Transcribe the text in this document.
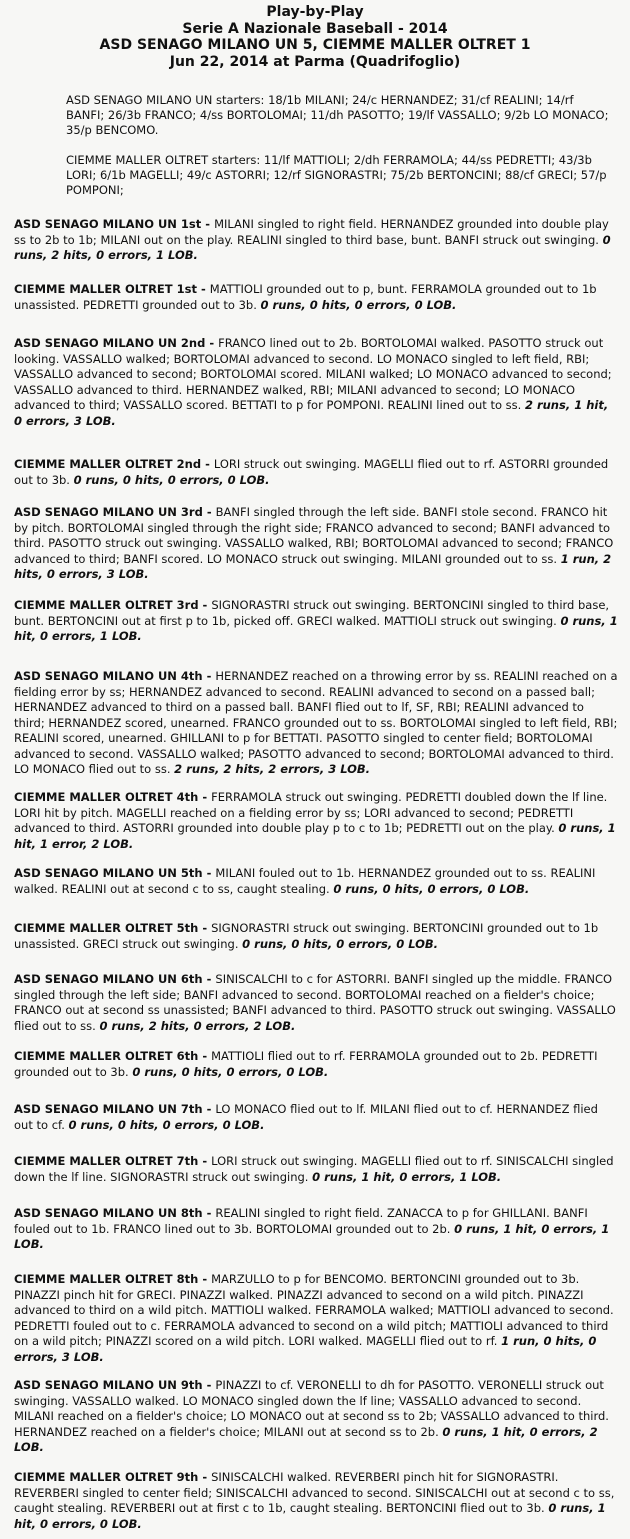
Play-by-Play
Serie A Nazionale Baseball - 2014
ASD SENAGO MILANO UN 5, CIEMME MALLER OLTRET 1
Jun 22, 2014 at Parma (Quadrifoglio)

ASD SENAGO MILANO UN starters: 18/1b MILANI; 24/c HERNANDEZ; 31/cf REALINI; 14/rf BANFI; 26/3b FRANCO; 4/ss BORTOLOMAI; 11/dh PASOTTO; 19/lf VASSALLO; 9/2b LO MONACO; 35/p BENCOMO.

CIEMME MALLER OLTRET starters: 11/lf MATTIOLI; 2/dh FERRAMOLA; 44/ss PEDRETTI; 43/3b LORI; 6/1b MAGELLI; 49/c ASTORRI; 12/rf SIGNORASTRI; 75/2b BERTONCINI; 88/cf GRECI; 57/p POMPONI;

ASD SENAGO MILANO UN 1st - MILANI singled to right field. HERNANDEZ grounded into double play ss to 2b to 1b; MILANI out on the play. REALINI singled to third base, bunt. BANFI struck out swinging. 0 runs, 2 hits, 0 errors, 1 LOB.
CIEMME MALLER OLTRET 1st - MATTIOLI grounded out to p, bunt. FERRAMOLA grounded out to 1b unassisted. PEDRETTI grounded out to 3b. 0 runs, 0 hits, 0 errors, 0 LOB.
ASD SENAGO MILANO UN 2nd - FRANCO lined out to 2b. BORTOLOMAI walked. PASOTTO struck out looking. VASSALLO walked; BORTOLOMAI advanced to second. LO MONACO singled to left field, RBI; VASSALLO advanced to second; BORTOLOMAI scored. MILANI walked; LO MONACO advanced to second; VASSALLO advanced to third. HERNANDEZ walked, RBI; MILANI advanced to second; LO MONACO advanced to third; VASSALLO scored. BETTATI to p for POMPONI. REALINI lined out to ss. 2 runs, 1 hit, 0 errors, 3 LOB.
CIEMME MALLER OLTRET 2nd - LORI struck out swinging. MAGELLI flied out to rf. ASTORRI grounded out to 3b. 0 runs, 0 hits, 0 errors, 0 LOB.
ASD SENAGO MILANO UN 3rd - BANFI singled through the left side. BANFI stole second. FRANCO hit by pitch. BORTOLOMAI singled through the right side; FRANCO advanced to second; BANFI advanced to third. PASOTTO struck out swinging. VASSALLO walked, RBI; BORTOLOMAI advanced to second; FRANCO advanced to third; BANFI scored. LO MONACO struck out swinging. MILANI grounded out to ss. 1 run, 2 hits, 0 errors, 3 LOB.
CIEMME MALLER OLTRET 3rd - SIGNORASTRI struck out swinging. BERTONCINI singled to third base, bunt. BERTONCINI out at first p to 1b, picked off. GRECI walked. MATTIOLI struck out swinging. 0 runs, 1 hit, 0 errors, 1 LOB.
ASD SENAGO MILANO UN 4th - HERNANDEZ reached on a throwing error by ss. REALINI reached on a fielding error by ss; HERNANDEZ advanced to second. REALINI advanced to second on a passed ball; HERNANDEZ advanced to third on a passed ball. BANFI flied out to lf, SF, RBI; REALINI advanced to third; HERNANDEZ scored, unearned. FRANCO grounded out to ss. BORTOLOMAI singled to left field, RBI; REALINI scored, unearned. GHILLANI to p for BETTATI. PASOTTO singled to center field; BORTOLOMAI advanced to second. VASSALLO walked; PASOTTO advanced to second; BORTOLOMAI advanced to third. LO MONACO flied out to ss. 2 runs, 2 hits, 2 errors, 3 LOB.
CIEMME MALLER OLTRET 4th - FERRAMOLA struck out swinging. PEDRETTI doubled down the lf line. LORI hit by pitch. MAGELLI reached on a fielding error by ss; LORI advanced to second; PEDRETTI advanced to third. ASTORRI grounded into double play p to c to 1b; PEDRETTI out on the play. 0 runs, 1 hit, 1 error, 2 LOB.
ASD SENAGO MILANO UN 5th - MILANI fouled out to 1b. HERNANDEZ grounded out to ss. REALINI walked. REALINI out at second c to ss, caught stealing. 0 runs, 0 hits, 0 errors, 0 LOB.
CIEMME MALLER OLTRET 5th - SIGNORASTRI struck out swinging. BERTONCINI grounded out to 1b unassisted. GRECI struck out swinging. 0 runs, 0 hits, 0 errors, 0 LOB.
ASD SENAGO MILANO UN 6th - SINISCALCHI to c for ASTORRI. BANFI singled up the middle. FRANCO singled through the left side; BANFI advanced to second. BORTOLOMAI reached on a fielder's choice; FRANCO out at second ss unassisted; BANFI advanced to third. PASOTTO struck out swinging. VASSALLO flied out to ss. 0 runs, 2 hits, 0 errors, 2 LOB.
CIEMME MALLER OLTRET 6th - MATTIOLI flied out to rf. FERRAMOLA grounded out to 2b. PEDRETTI grounded out to 3b. 0 runs, 0 hits, 0 errors, 0 LOB.
ASD SENAGO MILANO UN 7th - LO MONACO flied out to lf. MILANI flied out to cf. HERNANDEZ flied out to cf. 0 runs, 0 hits, 0 errors, 0 LOB.
CIEMME MALLER OLTRET 7th - LORI struck out swinging. MAGELLI flied out to rf. SINISCALCHI singled down the lf line. SIGNORASTRI struck out swinging. 0 runs, 1 hit, 0 errors, 1 LOB.
ASD SENAGO MILANO UN 8th - REALINI singled to right field. ZANACCA to p for GHILLANI. BANFI fouled out to 1b. FRANCO lined out to 3b. BORTOLOMAI grounded out to 2b. 0 runs, 1 hit, 0 errors, 1 LOB.
CIEMME MALLER OLTRET 8th - MARZULLO to p for BENCOMO. BERTONCINI grounded out to 3b. PINAZZI pinch hit for GRECI. PINAZZI walked. PINAZZI advanced to second on a wild pitch. PINAZZI advanced to third on a wild pitch. MATTIOLI walked. FERRAMOLA walked; MATTIOLI advanced to second. PEDRETTI fouled out to c. FERRAMOLA advanced to second on a wild pitch; MATTIOLI advanced to third on a wild pitch; PINAZZI scored on a wild pitch. LORI walked. MAGELLI flied out to rf. 1 run, 0 hits, 0 errors, 3 LOB.
ASD SENAGO MILANO UN 9th - PINAZZI to cf. VERONELLI to dh for PASOTTO. VERONELLI struck out swinging. VASSALLO walked. LO MONACO singled down the lf line; VASSALLO advanced to second. MILANI reached on a fielder's choice; LO MONACO out at second ss to 2b; VASSALLO advanced to third. HERNANDEZ reached on a fielder's choice; MILANI out at second ss to 2b. 0 runs, 1 hit, 0 errors, 2 LOB.
CIEMME MALLER OLTRET 9th - SINISCALCHI walked. REVERBERI pinch hit for SIGNORASTRI. REVERBERI singled to center field; SINISCALCHI advanced to second. SINISCALCHI out at second c to ss, caught stealing. REVERBERI out at first c to 1b, caught stealing. BERTONCINI flied out to 3b. 0 runs, 1 hit, 0 errors, 0 LOB.
